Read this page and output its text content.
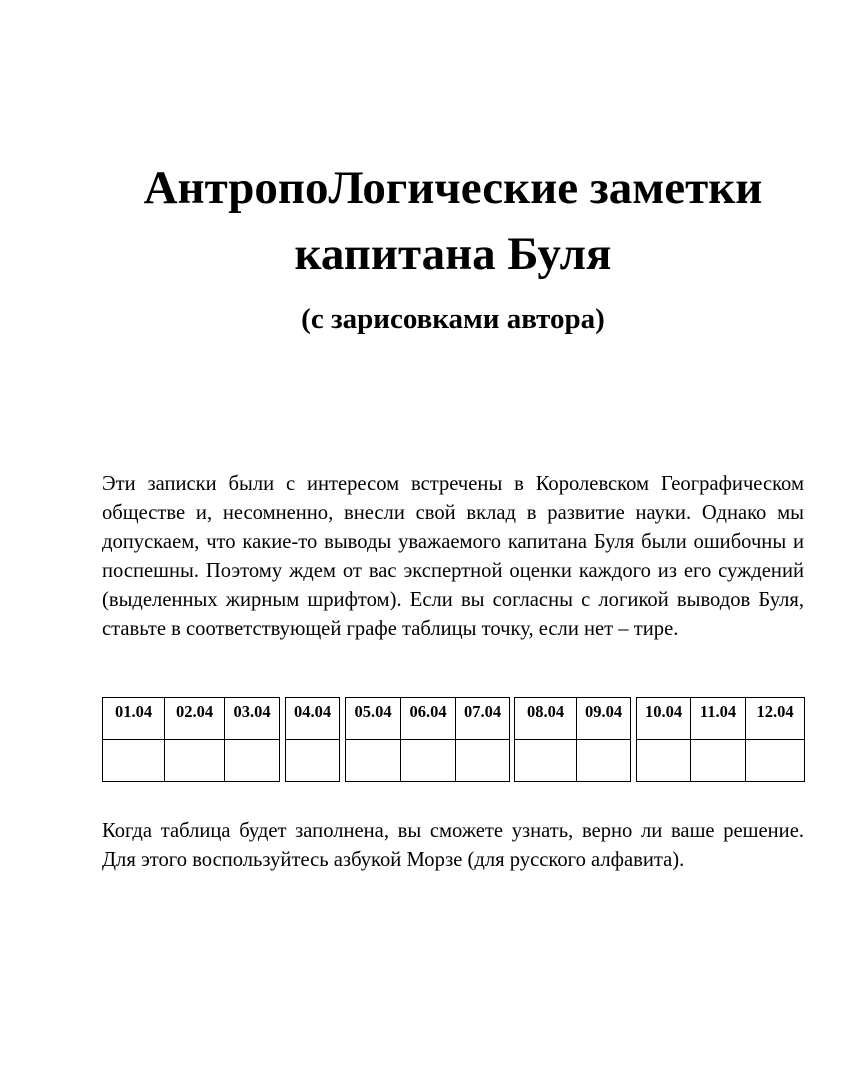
АнтропоЛогические заметки
капитана Буля
(с зарисовками автора)

Эти записки были с интересом встречены в Королевском Географическом
обществе и, несомненно, внесли свой вклад в развитие науки. Однако мы
допускаем, что какие-то выводы уважаемого капитана Буля были ошибочны и
поспешны. Поэтому ждем от вас экспертной оценки каждого из его суждений
(выделенных жирным шрифтом). Если вы согласны с логикой выводов Буля,
ставьте в соответствующей графе таблицы точку, если нет – тире.

01.04	02.04	03.04	04.04	05.04	06.04	07.04	08.04	09.04	10.04	11.04	12.04

Когда таблица будет заполнена, вы сможете узнать, верно ли ваше решение.
Для этого воспользуйтесь азбукой Морзе (для русского алфавита).
